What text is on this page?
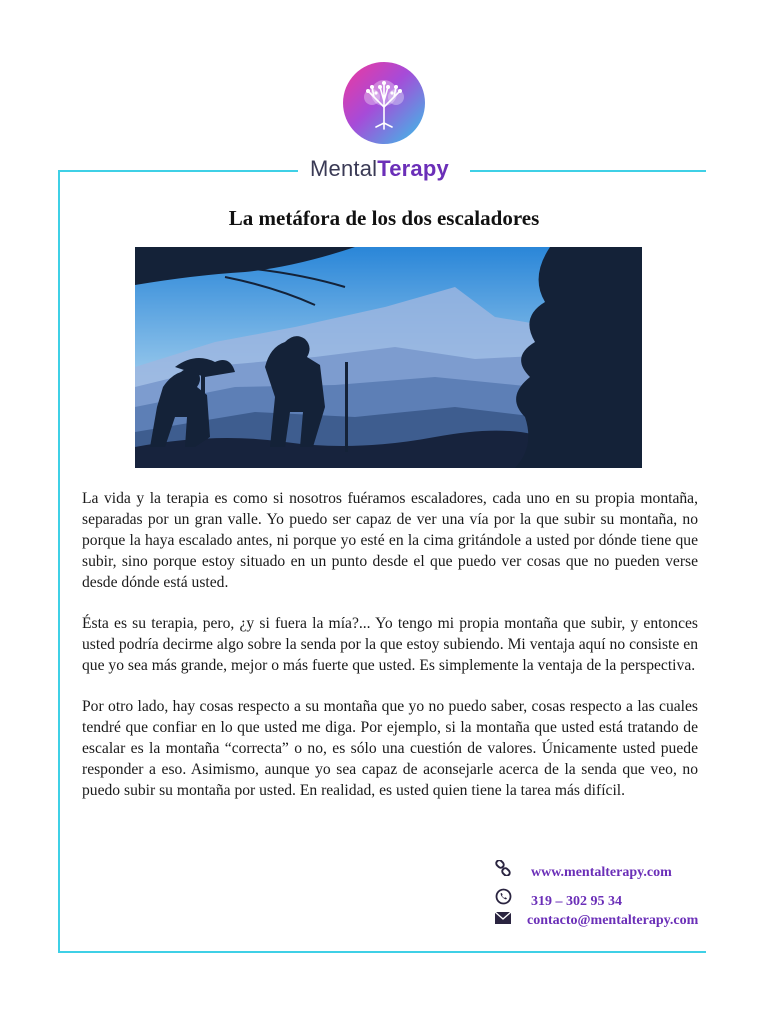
MentalTerapy
La metáfora de los dos escaladores

La vida y la terapia es como si nosotros fuéramos escaladores, cada uno en su propia montaña, separadas por un gran valle. Yo puedo ser capaz de ver una vía por la que subir su montaña, no porque la haya escalado antes, ni porque yo esté en la cima gritándole a usted por dónde tiene que subir, sino porque estoy situado en un punto desde el que puedo ver cosas que no pueden verse desde dónde está usted.

Ésta es su terapia, pero, ¿y si fuera la mía?... Yo tengo mi propia montaña que subir, y entonces usted podría decirme algo sobre la senda por la que estoy subiendo. Mi ventaja aquí no consiste en que yo sea más grande, mejor o más fuerte que usted. Es simplemente la ventaja de la perspectiva.

Por otro lado, hay cosas respecto a su montaña que yo no puedo saber, cosas respecto a las cuales tendré que confiar en lo que usted me diga. Por ejemplo, si la montaña que usted está tratando de escalar es la montaña “correcta” o no, es sólo una cuestión de valores. Únicamente usted puede responder a eso. Asimismo, aunque yo sea capaz de aconsejarle acerca de la senda que veo, no puedo subir su montaña por usted. En realidad, es usted quien tiene la tarea más difícil.

www.mentalterapy.com
319 – 302 95 34
contacto@mentalterapy.com
